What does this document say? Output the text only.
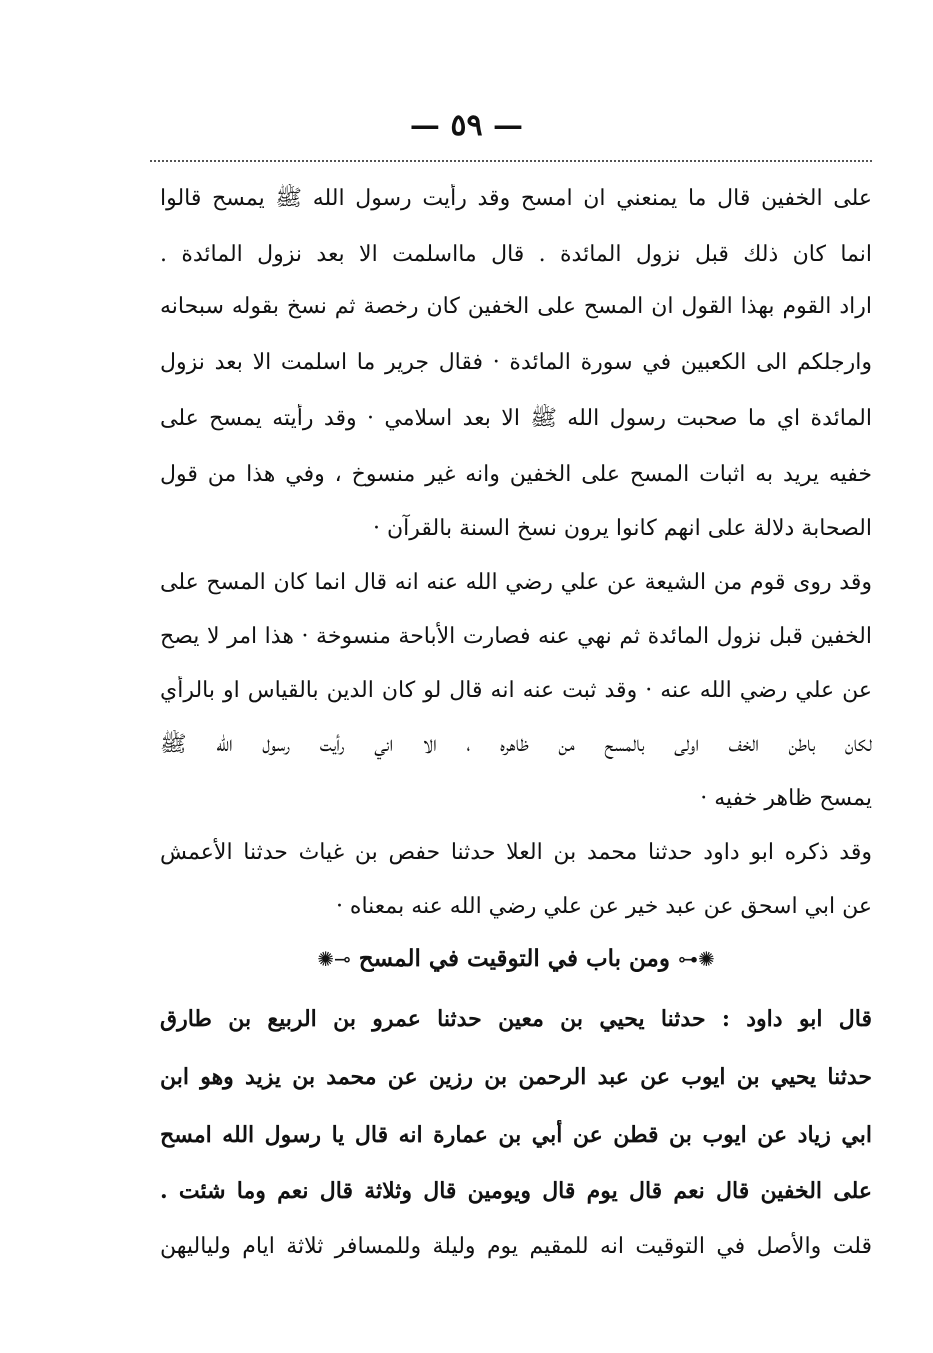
— ٥٩ —
على الخفين قال ما يمنعني ان امسح وقد رأيت رسول الله ﷺ يمسح قالوا
انما كان ذلك قبل نزول المائدة . قال مااسلمت الا بعد نزول المائدة .
اراد القوم بهذا القول ان المسح على الخفين كان رخصة ثم نسخ بقوله سبحانه
وارجلكم الى الكعبين في سورة المائدة · فقال جرير ما اسلمت الا بعد نزول
المائدة اي ما صحبت رسول الله ﷺ الا بعد اسلامي · وقد رأيته يمسح على
خفيه يريد به اثبات المسح على الخفين وانه غير منسوخ ، وفي هذا من قول
الصحابة دلالة على انهم كانوا يرون نسخ السنة بالقرآن ·
وقد روى قوم من الشيعة عن علي رضي الله عنه انه قال انما كان المسح على
الخفين قبل نزول المائدة ثم نهي عنه فصارت الأباحة منسوخة · هذا امر لا يصح
عن علي رضي الله عنه · وقد ثبت عنه انه قال لو كان الدين بالقياس او بالرأي
لكان باطن الخف اولى بالمسح من ظاهره ، الا اني رأيت رسول الله ﷺ
يمسح ظاهر خفيه ·
وقد ذكره ابو داود حدثنا محمد بن العلا حدثنا حفص بن غياث حدثنا الأعمش
عن ابي اسحق عن عبد خير عن علي رضي الله عنه بمعناه ·
✺⊷ ومن باب في التوقيت في المسح ⊸✺
قال ابو داود : حدثنا يحيي بن معين حدثنا عمرو بن الربيع بن طارق
حدثنا يحيي بن ايوب عن عبد الرحمن بن رزين عن محمد بن يزيد وهو ابن
ابي زياد عن ايوب بن قطن عن أبي بن عمارة انه قال يا رسول الله امسح
على الخفين قال نعم قال يوم قال ويومين قال وثلاثة قال نعم وما شئت .
قلت والأصل في التوقيت انه للمقيم يوم وليلة وللمسافر ثلاثة ايام ولياليهن
